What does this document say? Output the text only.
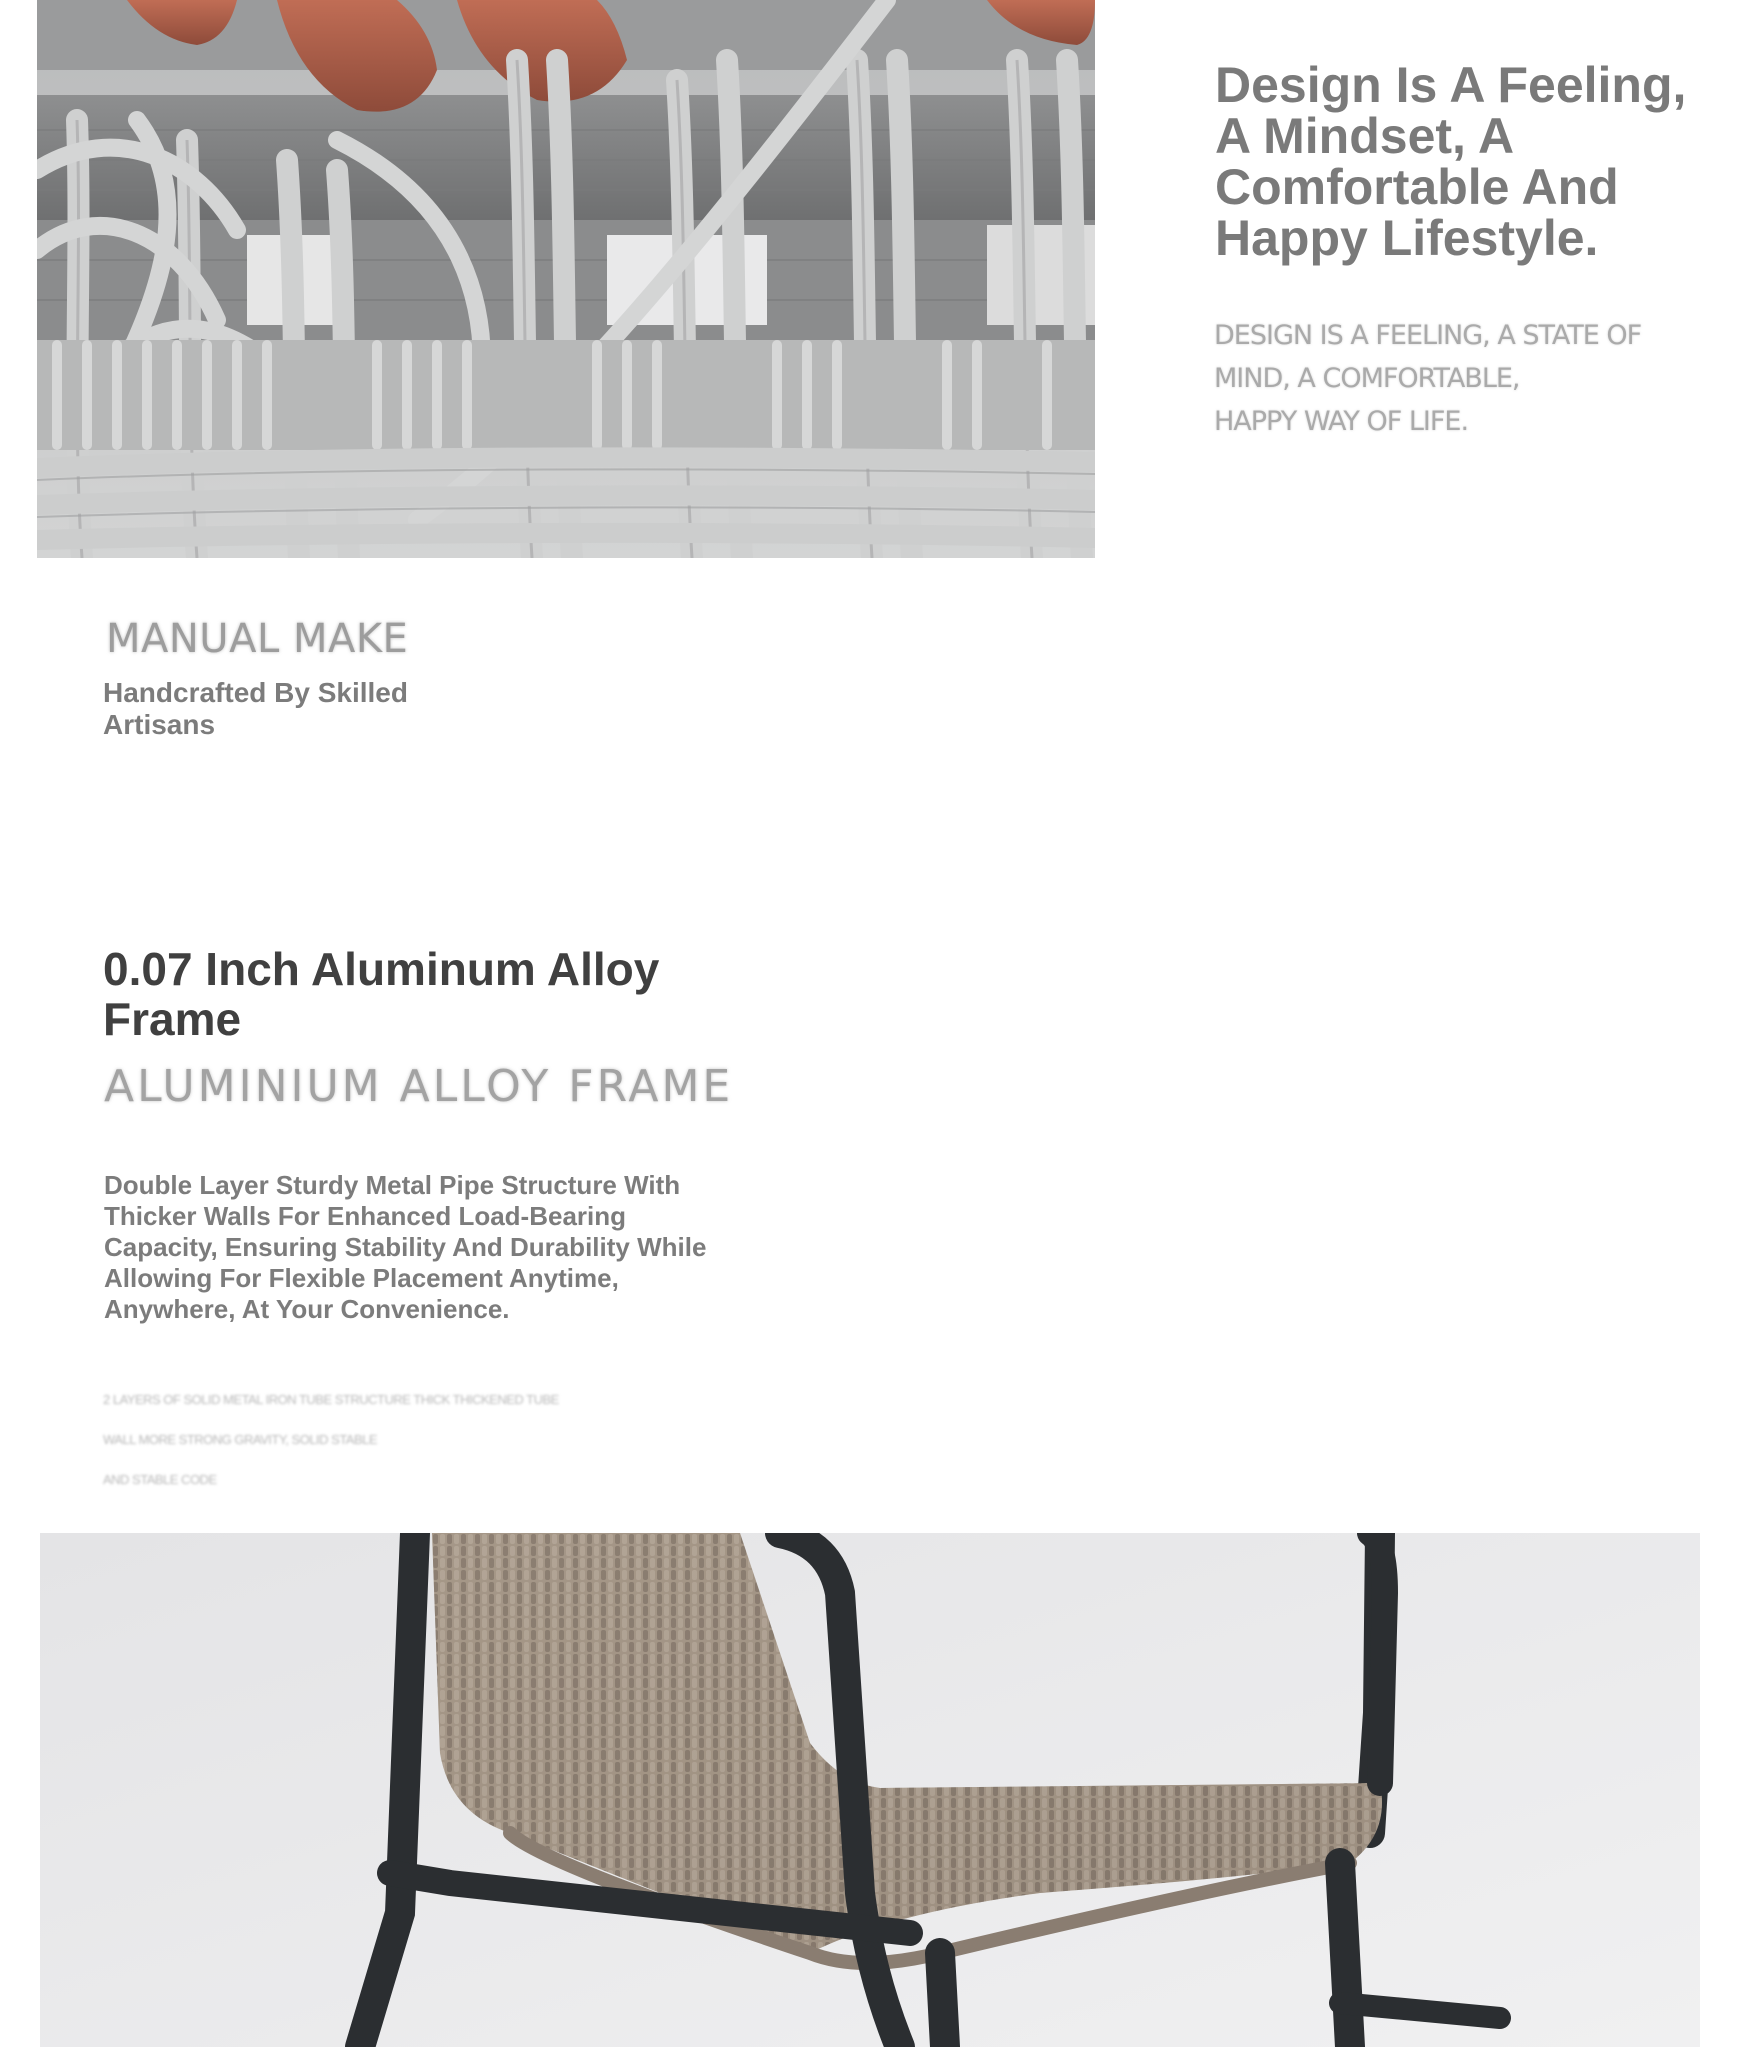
Design Is A Feeling, A Mindset, A Comfortable And Happy Lifestyle.

DESIGN IS A FEELING, A STATE OF
MIND, A COMFORTABLE,
HAPPY WAY OF LIFE.

MANUAL MAKE

Handcrafted By Skilled Artisans

0.07 Inch Aluminum Alloy Frame

ALUMINIUM ALLOY FRAME

Double Layer Sturdy Metal Pipe Structure With Thicker Walls For Enhanced Load-Bearing Capacity, Ensuring Stability And Durability While Allowing For Flexible Placement Anytime, Anywhere, At Your Convenience.

2 LAYERS OF SOLID METAL IRON TUBE STRUCTURE THICK THICKENED TUBE
WALL MORE STRONG GRAVITY, SOLID STABLE
AND STABLE CODE
